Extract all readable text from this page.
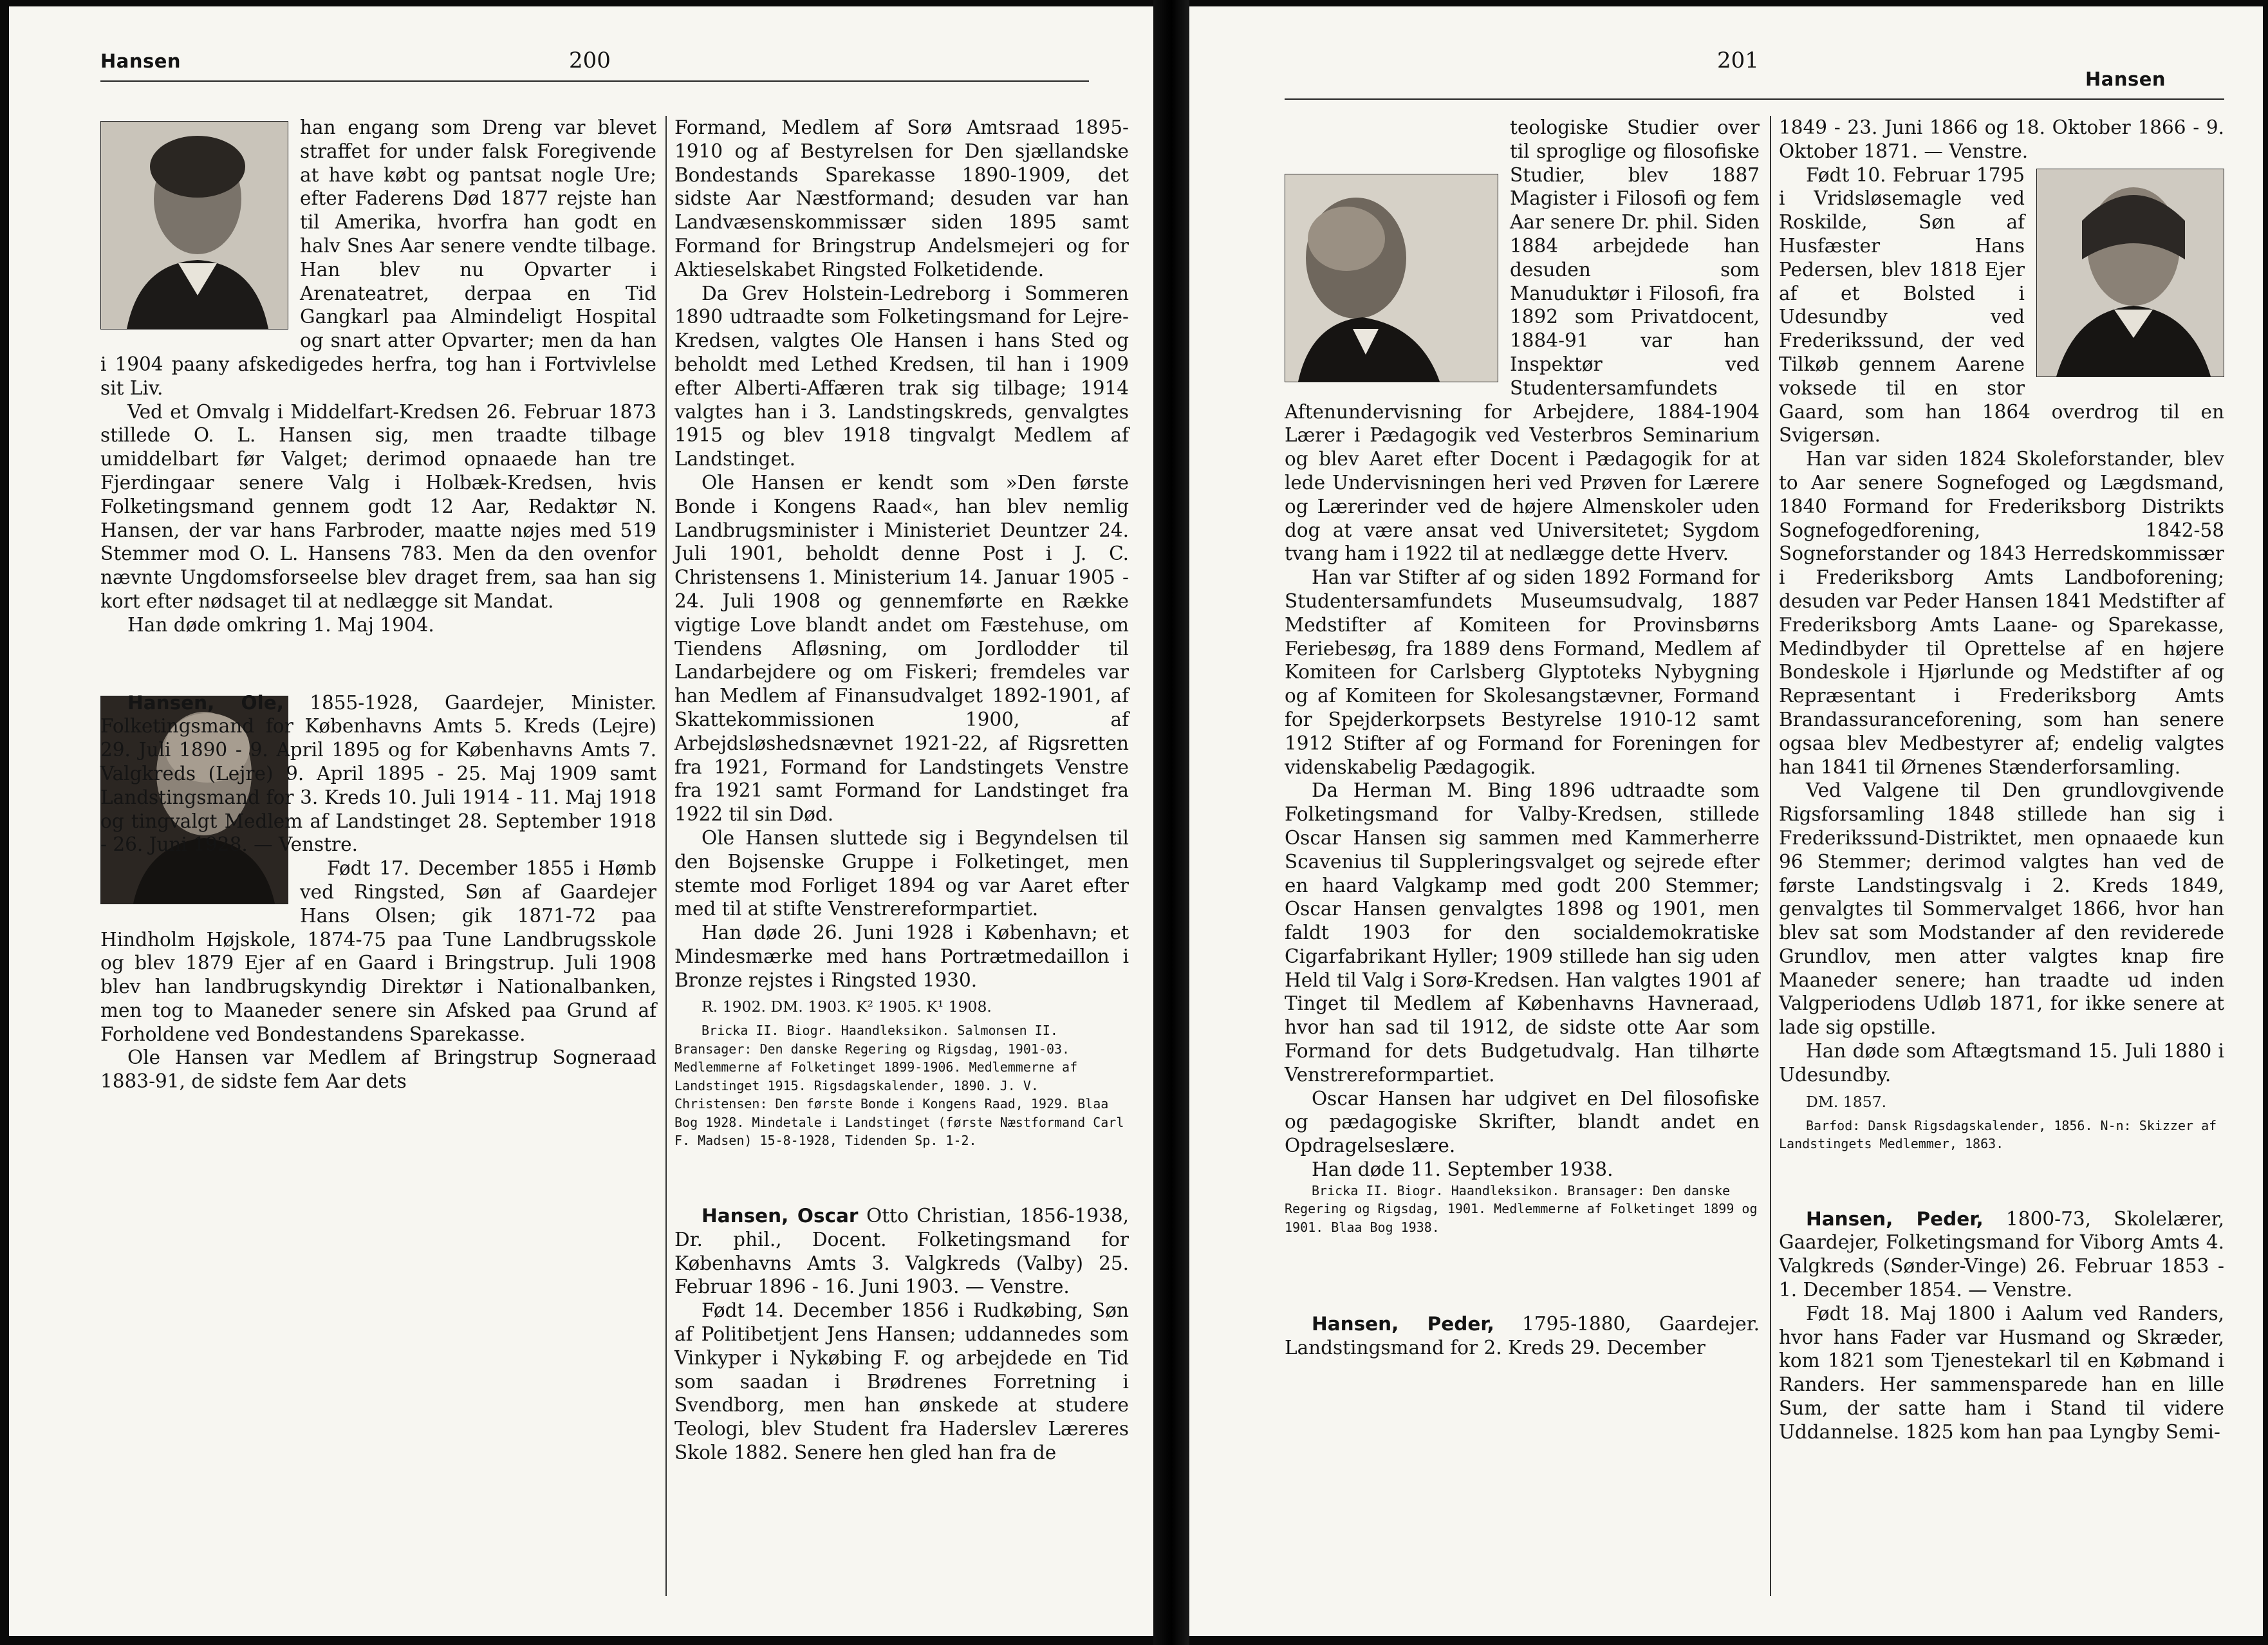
Hansen	200

han engang som Dreng var blevet straffet for under falsk Foregivende at have købt og pantsat nogle Ure; efter Faderens Død 1877 rejste han til Amerika, hvorfra han godt en halv Snes Aar senere vendte tilbage. Han blev nu Opvarter i Arenateatret, derpaa en Tid Gangkarl paa Almindeligt Hospital og snart atter Opvarter; men da han i 1904 paany afskedigedes herfra, tog han i Fortvivlelse sit Liv.

Ved et Omvalg i Middelfart-Kredsen 26. Februar 1873 stillede O. L. Hansen sig, men traadte tilbage umiddelbart før Valget; derimod opnaaede han tre Fjerdingaar senere Valg i Holbæk-Kredsen, hvis Folketingsmand gennem godt 12 Aar, Redaktør N. Hansen, der var hans Farbroder, maatte nøjes med 519 Stemmer mod O. L. Hansens 783. Men da den ovenfor nævnte Ungdomsforseelse blev draget frem, saa han sig kort efter nødsaget til at nedlægge sit Mandat.

Han døde omkring 1. Maj 1904.

Hansen, Ole, 1855-1928, Gaardejer, Minister. Folketingsmand for Københavns Amts 5. Kreds (Lejre) 29. Juli 1890 - 9. April 1895 og for Københavns Amts 7. Valgkreds (Lejre) 9. April 1895 - 25. Maj 1909 samt Landstingsmand for 3. Kreds 10. Juli 1914 - 11. Maj 1918 og tingvalgt Medlem af Landstinget 28. September 1918 - 26. Juni 1928. — Venstre.

Født 17. December 1855 i Hømb ved Ringsted, Søn af Gaardejer Hans Olsen; gik 1871-72 paa Hindholm Højskole, 1874-75 paa Tune Landbrugsskole og blev 1879 Ejer af en Gaard i Bringstrup. Juli 1908 blev han landbrugskyndig Direktør i Nationalbanken, men tog to Maaneder senere sin Afsked paa Grund af Forholdene ved Bondestandens Sparekasse.

Ole Hansen var Medlem af Bringstrup Sognеraad 1883-91, de sidste fem Aar dets

Formand, Medlem af Sorø Amtsraad 1895-1910 og af Bestyrelsen for Den sjællandske Bondestands Sparekasse 1890-1909, det sidste Aar Næstformand; desuden var han Landvæsenskommissær siden 1895 samt Formand for Bringstrup Andelsmejeri og for Aktieselskabet Ringsted Folketidende.

Da Grev Holstein-Ledreborg i Sommeren 1890 udtraadte som Folketingsmand for Lejre-Kredsen, valgtes Ole Hansen i hans Sted og beholdt med Lethed Kredsen, til han i 1909 efter Alberti-Affæren trak sig tilbage; 1914 valgtes han i 3. Landstingskreds, genvalgtes 1915 og blev 1918 tingvalgt Medlem af Landstinget.

Ole Hansen er kendt som »Den første Bonde i Kongens Raad«, han blev nemlig Landbrugsminister i Ministeriet Deuntzer 24. Juli 1901, beholdt denne Post i J. C. Christensens 1. Ministerium 14. Januar 1905 - 24. Juli 1908 og gennemførte en Række vigtige Love blandt andet om Fæstehuse, om Tiendens Afløsning, om Jordlodder til Landarbejdere og om Fiskeri; fremdeles var han Medlem af Finansudvalget 1892-1901, af Skattekommissionen 1900, af Arbejdsløshedsnævnet 1921-22, af Rigsretten fra 1921, Formand for Landstingets Venstre fra 1921 samt Formand for Landstinget fra 1922 til sin Død.

Ole Hansen sluttede sig i Begyndelsen til den Bojsenske Gruppe i Folketinget, men stemte mod Forliget 1894 og var Aaret efter med til at stifte Venstrereformpartiet.

Han døde 26. Juni 1928 i København; et Mindesmærke med hans Portrætmedaillon i Bronze rejstes i Ringsted 1930.

R. 1902. DM. 1903. K² 1905. K¹ 1908.

Bricka II. Biogr. Haandleksikon. Salmonsen II. Bransager: Den danske Regering og Rigsdag, 1901-03. Medlemmerne af Folketinget 1899-1906. Medlemmerne af Landstinget 1915. Rigsdagskalender, 1890. J. V. Christensen: Den første Bonde i Kongens Raad, 1929. Blaa Bog 1928. Mindetale i Landstinget (første Næstformand Carl F. Madsen) 15-8-1928, Tidenden Sp. 1-2.

Hansen, Oscar Otto Christian, 1856-1938, Dr. phil., Docent. Folketingsmand for Københavns Amts 3. Valgkreds (Valby) 25. Februar 1896 - 16. Juni 1903. — Venstre.

Født 14. December 1856 i Rudkøbing, Søn af Politibetjent Jens Hansen; uddannedes som Vinkyper i Nykøbing F. og arbejdede en Tid som saadan i Brødrenes Forretning i Svendborg, men han ønskede at studere Teologi, blev Student fra Haderslev Læreres Skole 1882. Senere hen gled han fra de

201
Hansen

teologiske Studier over til sproglige og filosofiske Studier, blev 1887 Magister i Filosofi og fem Aar senere Dr. phil. Siden 1884 arbejdede han desuden som Manuduktør i Filosofi, fra 1892 som Privatdocent, 1884-91 var han Inspektør ved Studentersamfundets Aftenundervisning for Arbejdere, 1884-1904 Lærer i Pædagogik ved Vesterbros Seminarium og blev Aaret efter Docent i Pædagogik for at lede Undervisningen heri ved Prøven for Lærere og Lærerinder ved de højere Almenskoler uden dog at være ansat ved Universitetet; Sygdom tvang ham i 1922 til at nedlægge dette Hverv.

Han var Stifter af og siden 1892 Formand for Studentersamfundets Museumsudvalg, 1887 Medstifter af Komiteen for Provinsbørns Feriebesøg, fra 1889 dens Formand, Medlem af Komiteen for Carlsberg Glyptoteks Nybygning og af Komiteen for Skolesangstævner, Formand for Spejderkorpsets Bestyrelse 1910-12 samt 1912 Stifter af og Formand for Foreningen for videnskabelig Pædagogik.

Da Herman M. Bing 1896 udtraadte som Folketingsmand for Valby-Kredsen, stillede Oscar Hansen sig sammen med Kammerherre Scavenius til Suppleringsvalget og sejrede efter en haard Valgkamp med godt 200 Stemmer; Oscar Hansen genvalgtes 1898 og 1901, men faldt 1903 for den socialdemokratiske Cigarfabrikant Hyller; 1909 stillede han sig uden Held til Valg i Sorø-Kredsen. Han valgtes 1901 af Tinget til Medlem af Københavns Havneraad, hvor han sad til 1912, de sidste otte Aar som Formand for dets Budgetudvalg. Han tilhørte Venstrereformpartiet.

Oscar Hansen har udgivet en Del filosofiske og pædagogiske Skrifter, blandt andet en Opdragelseslære.

Han døde 11. September 1938.

Bricka II. Biogr. Haandleksikon. Bransager: Den danske Regering og Rigsdag, 1901. Medlemmerne af Folketinget 1899 og 1901. Blaa Bog 1938.

Hansen, Peder, 1795-1880, Gaardejer. Landstingsmand for 2. Kreds 29. December

1849 - 23. Juni 1866 og 18. Oktober 1866 - 9. Oktober 1871. — Venstre.

Født 10. Februar 1795 i Vridsløsemagle ved Roskilde, Søn af Husfæster Hans Pedersen, blev 1818 Ejer af et Bolsted i Udesundby ved Frederikssund, der ved Tilkøb gennem Aarene voksede til en stor Gaard, som han 1864 overdrog til en Svigersøn.

Han var siden 1824 Skoleforstander, blev to Aar senere Sognefoged og Lægdsmand, 1840 Formand for Frederiksborg Distrikts Sognefogedforening, 1842-58 Sogneforstander og 1843 Herredskommissær i Frederiksborg Amts Landboforening; desuden var Peder Hansen 1841 Medstifter af Frederiksborg Amts Laane- og Sparekasse, Medindbyder til Oprettelse af en højere Bondeskole i Hjørlunde og Medstifter af og Repræsentant i Frederiksborg Amts Brandassuranceforening, som han senere ogsaa blev Medbestyrer af; endelig valgtes han 1841 til Ørnenes Stænderforsamling.

Ved Valgene til Den grundlovgivende Rigsforsamling 1848 stillede han sig i Frederikssund-Distriktet, men opnaaede kun 96 Stemmer; derimod valgtes han ved de første Landstingsvalg i 2. Kreds 1849, genvalgtes til Sommervalget 1866, hvor han blev sat som Modstander af den reviderede Grundlov, men atter valgtes knap fire Maaneder senere; han traadte ud inden Valgperiodens Udløb 1871, for ikke senere at lade sig opstille.

Han døde som Aftægtsmand 15. Juli 1880 i Udesundby.

DM. 1857.

Barfod: Dansk Rigsdagskalender, 1856. N-n: Skizzer af Landstingets Medlemmer, 1863.

Hansen, Peder, 1800-73, Skolelærer, Gaardejer, Folketingsmand for Viborg Amts 4. Valgkreds (Sønder-Vinge) 26. Februar 1853 - 1. December 1854. — Venstre.

Født 18. Maj 1800 i Aalum ved Randers, hvor hans Fader var Husmand og Skræder, kom 1821 som Tjenestekarl til en Købmand i Randers. Her sammensparede han en lille Sum, der satte ham i Stand til videre Uddannelse. 1825 kom han paa Lyngby Semi-
